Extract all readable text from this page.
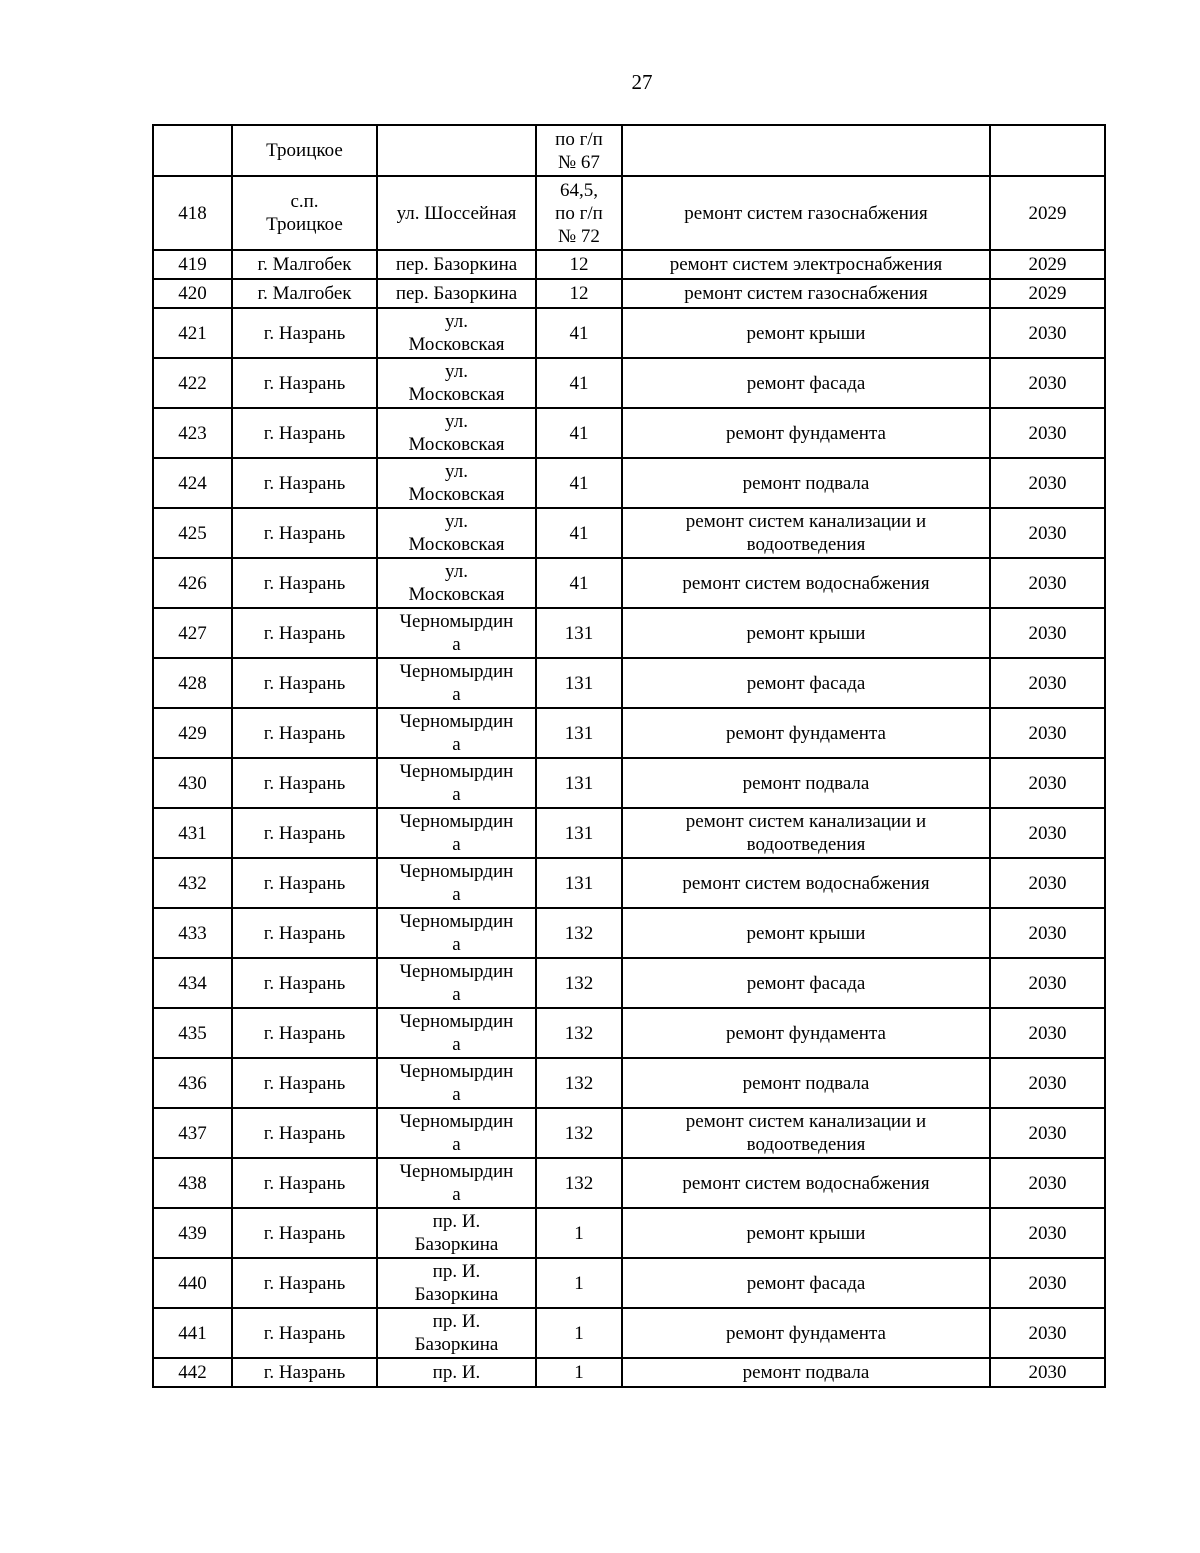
27
	Троицкое		по г/п
№ 67		
418	с.п.
Троицкое	ул. Шоссейная	64,5,
по г/п
№ 72	ремонт систем газоснабжения	2029
419	г. Малгобек	пер. Базоркина	12	ремонт систем электроснабжения	2029
420	г. Малгобек	пер. Базоркина	12	ремонт систем газоснабжения	2029
421	г. Назрань	ул.
Московская	41	ремонт крыши	2030
422	г. Назрань	ул.
Московская	41	ремонт фасада	2030
423	г. Назрань	ул.
Московская	41	ремонт фундамента	2030
424	г. Назрань	ул.
Московская	41	ремонт подвала	2030
425	г. Назрань	ул.
Московская	41	ремонт систем канализации и
водоотведения	2030
426	г. Назрань	ул.
Московская	41	ремонт систем водоснабжения	2030
427	г. Назрань	Черномырдин
а	131	ремонт крыши	2030
428	г. Назрань	Черномырдин
а	131	ремонт фасада	2030
429	г. Назрань	Черномырдин
а	131	ремонт фундамента	2030
430	г. Назрань	Черномырдин
а	131	ремонт подвала	2030
431	г. Назрань	Черномырдин
а	131	ремонт систем канализации и
водоотведения	2030
432	г. Назрань	Черномырдин
а	131	ремонт систем водоснабжения	2030
433	г. Назрань	Черномырдин
а	132	ремонт крыши	2030
434	г. Назрань	Черномырдин
а	132	ремонт фасада	2030
435	г. Назрань	Черномырдин
а	132	ремонт фундамента	2030
436	г. Назрань	Черномырдин
а	132	ремонт подвала	2030
437	г. Назрань	Черномырдин
а	132	ремонт систем канализации и
водоотведения	2030
438	г. Назрань	Черномырдин
а	132	ремонт систем водоснабжения	2030
439	г. Назрань	пр. И.
Базоркина	1	ремонт крыши	2030
440	г. Назрань	пр. И.
Базоркина	1	ремонт фасада	2030
441	г. Назрань	пр. И.
Базоркина	1	ремонт фундамента	2030
442	г. Назрань	пр. И.	1	ремонт подвала	2030
